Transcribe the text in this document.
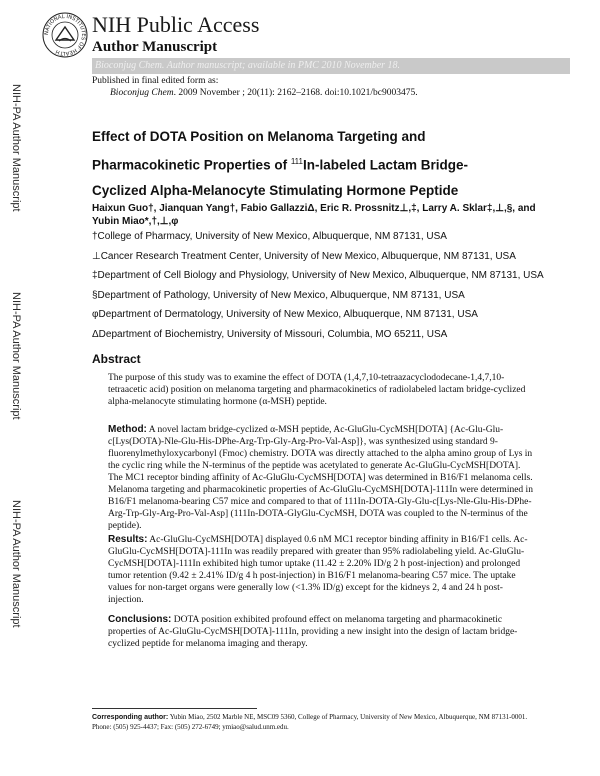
NATIONAL INSTITUTES OF HEALTH
NIH Public Access
Author Manuscript
Bioconjug Chem. Author manuscript; available in PMC 2010 November 18.
Published in final edited form as:
Bioconjug Chem. 2009 November ; 20(11): 2162–2168. doi:10.1021/bc9003475.
NIH-PA Author Manuscript
NIH-PA Author Manuscript
NIH-PA Author Manuscript
Effect of DOTA Position on Melanoma Targeting and
Pharmacokinetic Properties of $^{111}$In-labeled Lactam Bridge-
Cyclized Alpha-Melanocyte Stimulating Hormone Peptide
Haixun Guo†, Jianquan Yang†, Fabio GallazziΔ, Eric R. Prossnitz⊥,‡, Larry A. Sklar‡,⊥,§, and
Yubin Miao*,†,⊥,φ
†College of Pharmacy, University of New Mexico, Albuquerque, NM 87131, USA
⊥Cancer Research Treatment Center, University of New Mexico, Albuquerque, NM 87131, USA
‡Department of Cell Biology and Physiology, University of New Mexico, Albuquerque, NM 87131, USA
§Department of Pathology, University of New Mexico, Albuquerque, NM 87131, USA
φDepartment of Dermatology, University of New Mexico, Albuquerque, NM 87131, USA
ΔDepartment of Biochemistry, University of Missouri, Columbia, MO 65211, USA
Abstract
The purpose of this study was to examine the effect of DOTA (1,4,7,10-tetraazacyclododecane-1,4,7,10-tetraacetic acid) position on melanoma targeting and pharmacokinetics of radiolabeled lactam bridge-cyclized alpha-melanocyte stimulating hormone (α-MSH) peptide.
Method: A novel lactam bridge-cyclized α-MSH peptide, Ac-GluGlu-CycMSH[DOTA] {Ac-Glu-Glu-c[Lys(DOTA)-Nle-Glu-His-DPhe-Arg-Trp-Gly-Arg-Pro-Val-Asp]}, was synthesized using standard 9-fluorenylmethyloxycarbonyl (Fmoc) chemistry. DOTA was directly attached to the alpha amino group of Lys in the cyclic ring while the N-terminus of the peptide was acetylated to generate Ac-GluGlu-CycMSH[DOTA]. The MC1 receptor binding affinity of Ac-GluGlu-CycMSH[DOTA] was determined in B16/F1 melanoma cells. Melanoma targeting and pharmacokinetic properties of Ac-GluGlu-CycMSH[DOTA]-111In were determined in B16/F1 melanoma-bearing C57 mice and compared to that of 111In-DOTA-Gly-Glu-c[Lys-Nle-Glu-His-DPhe-Arg-Trp-Gly-Arg-Pro-Val-Asp] (111In-DOTA-GlyGlu-CycMSH, DOTA was coupled to the N-terminus of the peptide).
Results: Ac-GluGlu-CycMSH[DOTA] displayed 0.6 nM MC1 receptor binding affinity in B16/F1 cells. Ac-GluGlu-CycMSH[DOTA]-111In was readily prepared with greater than 95% radiolabeling yield. Ac-GluGlu-CycMSH[DOTA]-111In exhibited high tumor uptake (11.42 ± 2.20% ID/g 2 h post-injection) and prolonged tumor retention (9.42 ± 2.41% ID/g 4 h post-injection) in B16/F1 melanoma-bearing C57 mice. The uptake values for non-target organs were generally low (<1.3% ID/g) except for the kidneys 2, 4 and 24 h post-injection.
Conclusions: DOTA position exhibited profound effect on melanoma targeting and pharmacokinetic properties of Ac-GluGlu-CycMSH[DOTA]-111In, providing a new insight into the design of lactam bridge-cyclized peptide for melanoma imaging and therapy.
Corresponding author: Yubin Miao, 2502 Marble NE, MSC09 5360, College of Pharmacy, University of New Mexico, Albuquerque, NM 87131-0001. Phone: (505) 925-4437; Fax: (505) 272-6749; ymiao@salud.unm.edu.
